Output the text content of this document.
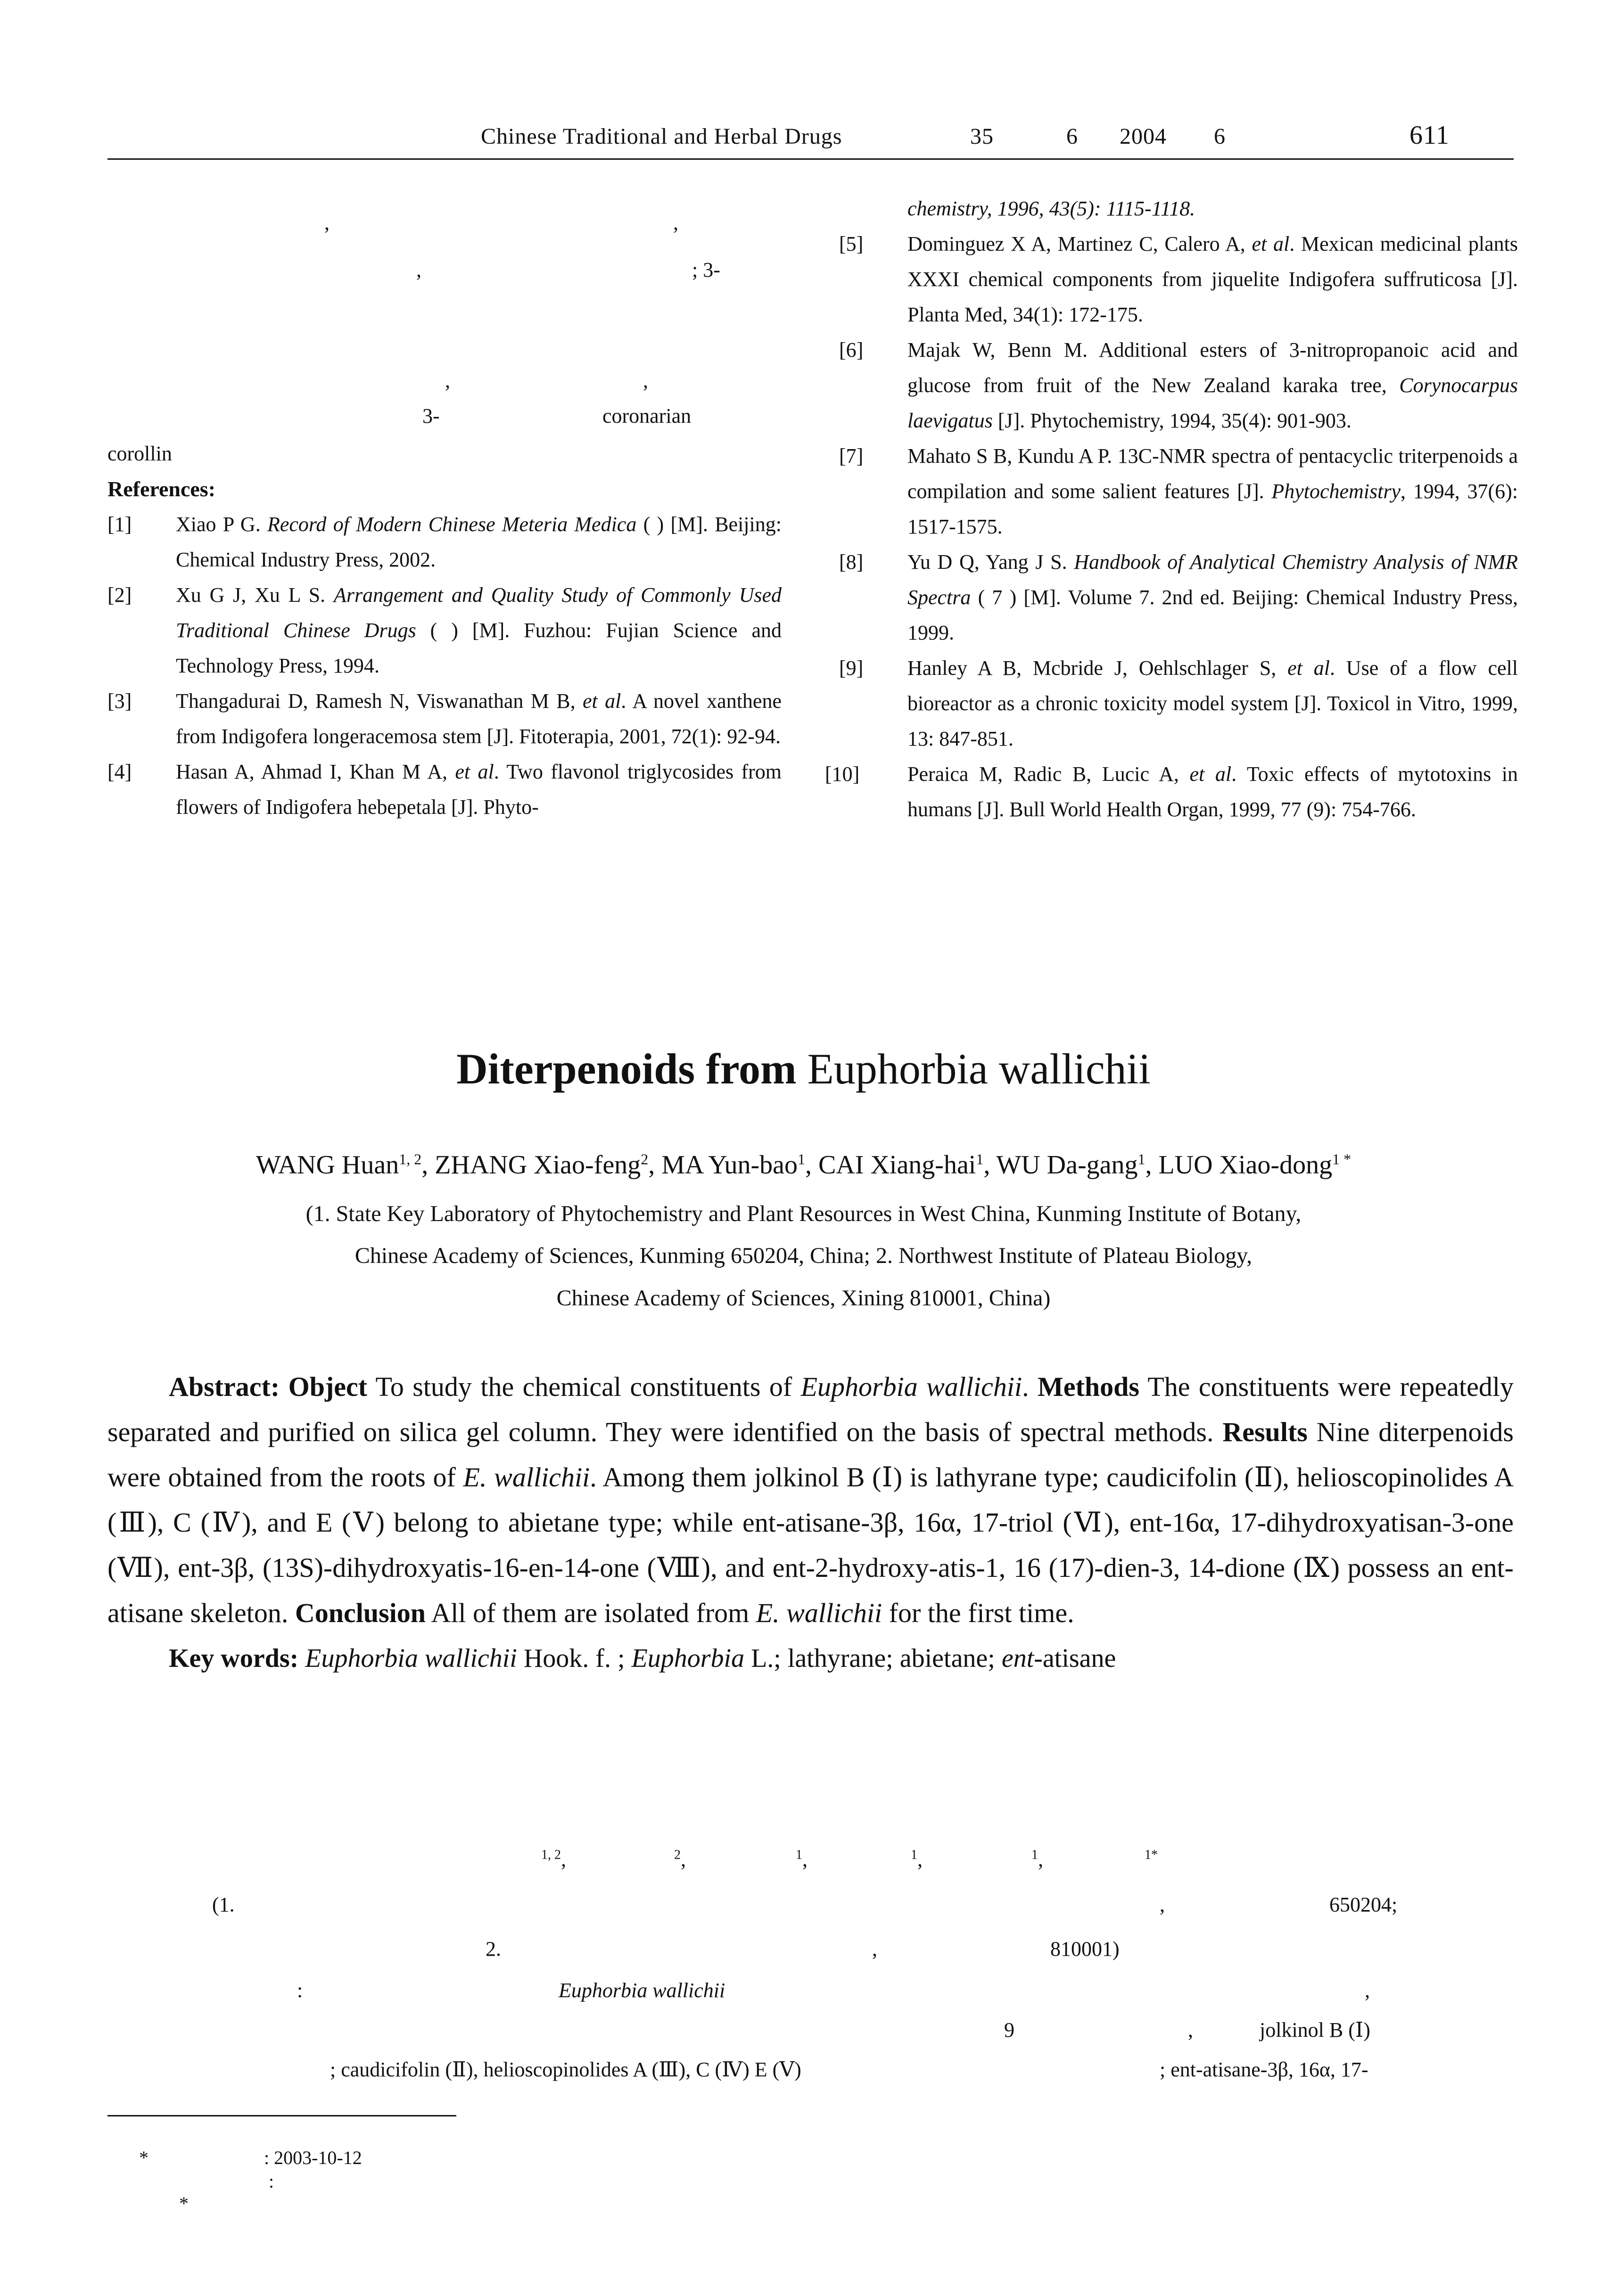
Chinese Traditional and Herbal Drugs	35	6 2004 6	611
,	,
,	; 3-
,	,
3-	coronarian
corollin
References:
[1]	Xiao P G. Record of Modern Chinese Meteria Medica ( ) [M]. Beijing: Chemical Industry Press, 2002.
[2]	Xu G J, Xu L S. Arrangement and Quality Study of Commonly Used Traditional Chinese Drugs ( ) [M]. Fuzhou: Fujian Science and Technology Press, 1994.
[3]	Thangadurai D, Ramesh N, Viswanathan M B, et al. A novel xanthene from Indigofera longeracemosa stem [J]. Fitoterapia, 2001, 72(1): 92-94.
[4]	Hasan A, Ahmad I, Khan M A, et al. Two flavonol triglycosides from flowers of Indigofera hebepetala [J]. Phyto-
chemistry, 1996, 43(5): 1115-1118.
[5]	Dominguez X A, Martinez C, Calero A, et al. Mexican medicinal plants XXXI chemical components from jiquelite Indigofera suffruticosa [J]. Planta Med, 34(1): 172-175.
[6]	Majak W, Benn M. Additional esters of 3-nitropropanoic acid and glucose from fruit of the New Zealand karaka tree, Corynocarpus laevigatus [J]. Phytochemistry, 1994, 35(4): 901-903.
[7]	Mahato S B, Kundu A P. 13C-NMR spectra of pentacyclic triterpenoids a compilation and some salient features [J]. Phytochemistry, 1994, 37(6): 1517-1575.
[8]	Yu D Q, Yang J S. Handbook of Analytical Chemistry Analysis of NMR Spectra ( 7 ) [M]. Volume 7. 2nd ed. Beijing: Chemical Industry Press, 1999.
[9]	Hanley A B, Mcbride J, Oehlschlager S, et al. Use of a flow cell bioreactor as a chronic toxicity model system [J]. Toxicol in Vitro, 1999, 13: 847-851.
[10]	Peraica M, Radic B, Lucic A, et al. Toxic effects of mytotoxins in humans [J]. Bull World Health Organ, 1999, 77 (9): 754-766.
Diterpenoids from Euphorbia wallichii
WANG Huan$^{1, 2}$, ZHANG Xiao-feng$^2$, MA Yun-bao$^1$, CAI Xiang-hai$^1$, WU Da-gang$^1$, LUO Xiao-dong$^{1 *}$
(1. State Key Laboratory of Phytochemistry and Plant Resources in West China, Kunming Institute of Botany,
Chinese Academy of Sciences, Kunming 650204, China; 2. Northwest Institute of Plateau Biology,
Chinese Academy of Sciences, Xining 810001, China)

Abstract: Object To study the chemical constituents of Euphorbia wallichii. Methods The constituents were repeatedly separated and purified on silica gel column. They were identified on the basis of spectral methods. Results Nine diterpenoids were obtained from the roots of E. wallichii. Among them jolkinol B (Ⅰ) is lathyrane type; caudicifolin (Ⅱ), helioscopinolides A (Ⅲ), C (Ⅳ), and E (Ⅴ) belong to abietane type; while ent-atisane-3β, 16α, 17-triol (Ⅵ), ent-16α, 17-dihydroxyatisan-3-one (Ⅶ), ent-3β, (13S)-dihydroxyatis-16-en-14-one (Ⅷ), and ent-2-hydroxy-atis-1, 16 (17)-dien-3, 14-dione (Ⅸ) possess an ent-atisane skeleton. Conclusion All of them are isolated from E. wallichii for the first time.

Key words: Euphorbia wallichii Hook. f. ; Euphorbia L.; lathyrane; abietane; ent-atisane

$^{1, 2}$,	$^2$,	$^1$,	$^1$,	$^1$,	$^{1*}$
(1.	,	650204;
2.	,	810001)
:	Euphorbia wallichii	,
9	,	jolkinol B (Ⅰ)
; caudicifolin (Ⅱ), helioscopinolides A (Ⅲ), C (Ⅳ) E (Ⅴ)	; ent-atisane-3β, 16α, 17-
*	: 2003-10-12
:
*
